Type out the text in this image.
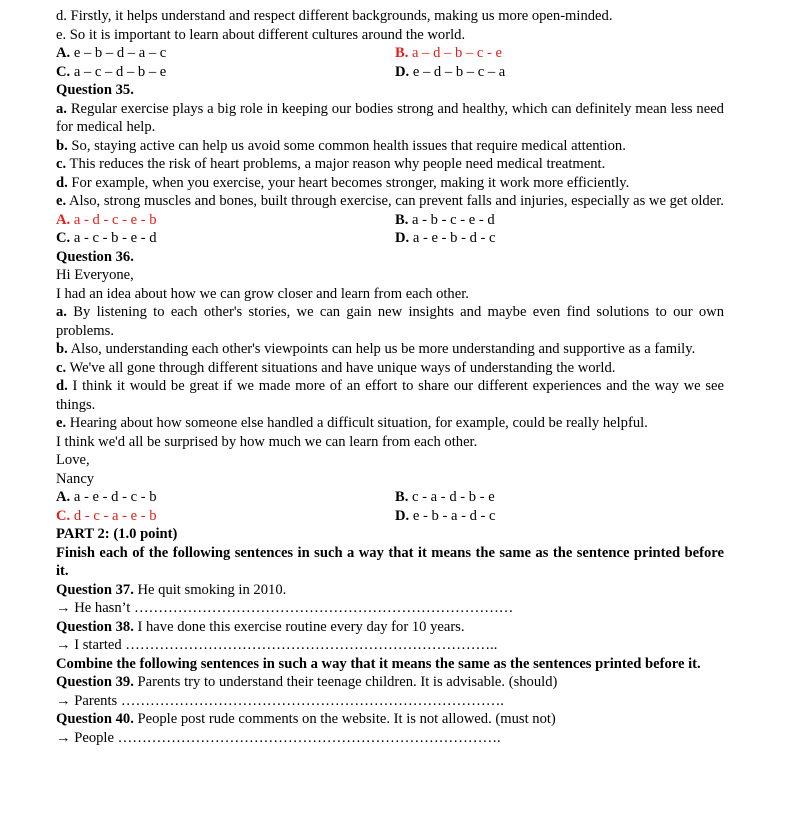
d. Firstly, it helps understand and respect different backgrounds, making us more open-minded.
e. So it is important to learn about different cultures around the world.
A. e – b – d – a – c	B. a – d – b – c - e
C. a – c – d – b – e	D. e – d – b – c – a
Question 35.
a. Regular exercise plays a big role in keeping our bodies strong and healthy, which can definitely mean less need for medical help.
b. So, staying active can help us avoid some common health issues that require medical attention.
c. This reduces the risk of heart problems, a major reason why people need medical treatment.
d. For example, when you exercise, your heart becomes stronger, making it work more efficiently.
e. Also, strong muscles and bones, built through exercise, can prevent falls and injuries, especially as we get older.
A. a - d - c - e - b	B. a - b - c - e - d
C. a - c - b - e - d	D. a - e - b - d - c
Question 36.
Hi Everyone,
I had an idea about how we can grow closer and learn from each other.
a. By listening to each other's stories, we can gain new insights and maybe even find solutions to our own problems.
b. Also, understanding each other's viewpoints can help us be more understanding and supportive as a family.
c. We've all gone through different situations and have unique ways of understanding the world.
d. I think it would be great if we made more of an effort to share our different experiences and the way we see things.
e. Hearing about how someone else handled a difficult situation, for example, could be really helpful.
I think we'd all be surprised by how much we can learn from each other.
Love,
Nancy
A. a - e - d - c - b	B. c - a - d - b - e
C. d - c - a - e - b	D. e - b - a - d - c
PART 2: (1.0 point)
Finish each of the following sentences in such a way that it means the same as the sentence printed before it.
Question 37. He quit smoking in 2010.
→ He hasn’t ……………………………………………………………………
Question 38. I have done this exercise routine every day for 10 years.
→ I started …………………………………………………………………..
Combine the following sentences in such a way that it means the same as the sentences printed before it.
Question 39. Parents try to understand their teenage children. It is advisable. (should)
→ Parents …………………………………………………………………….
Question 40. People post rude comments on the website. It is not allowed. (must not)
→ People …………………………………………………………………….
